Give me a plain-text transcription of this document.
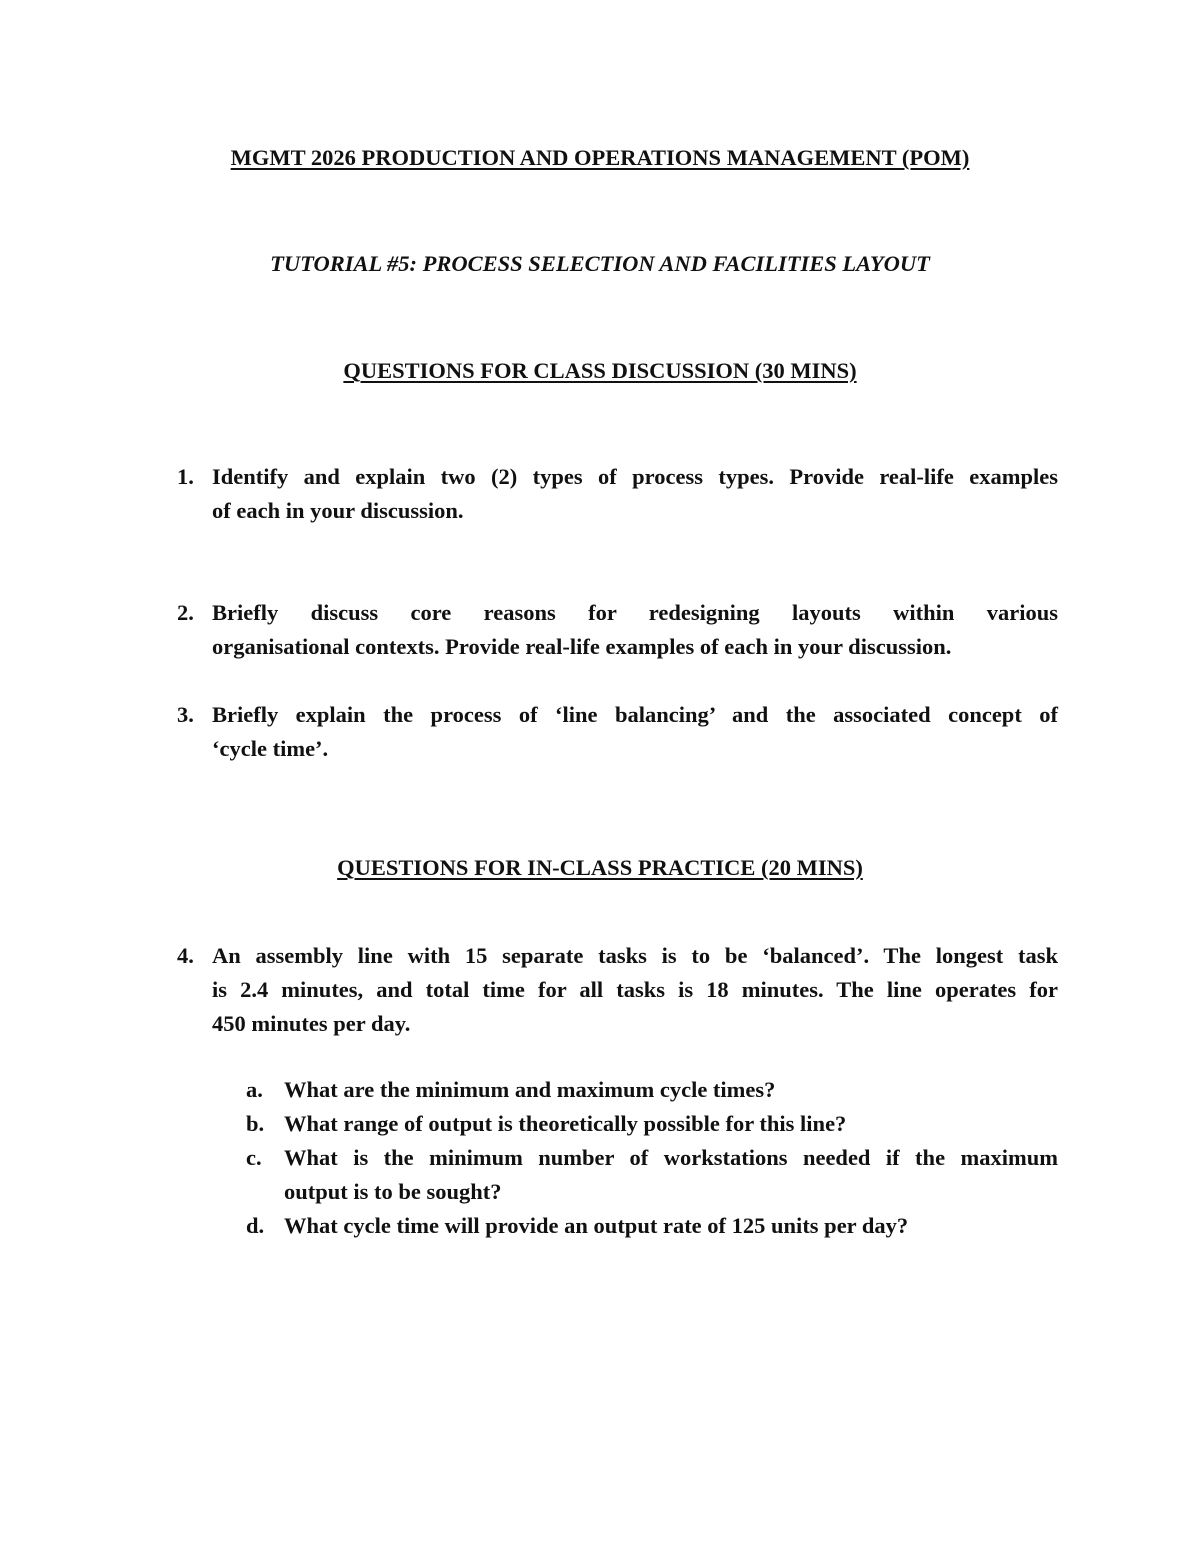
MGMT 2026 PRODUCTION AND OPERATIONS MANAGEMENT (POM)
TUTORIAL #5: PROCESS SELECTION AND FACILITIES LAYOUT
QUESTIONS FOR CLASS DISCUSSION (30 MINS)
1. Identify and explain two (2) types of process types. Provide real-life examples
of each in your discussion.
2. Briefly discuss core reasons for redesigning layouts within various
organisational contexts. Provide real-life examples of each in your discussion.
3. Briefly explain the process of ‘line balancing’ and the associated concept of
‘cycle time’.
QUESTIONS FOR IN-CLASS PRACTICE (20 MINS)
4. An assembly line with 15 separate tasks is to be ‘balanced’. The longest task
is 2.4 minutes, and total time for all tasks is 18 minutes. The line operates for
450 minutes per day.
a. What are the minimum and maximum cycle times?
b. What range of output is theoretically possible for this line?
c. What is the minimum number of workstations needed if the maximum
output is to be sought?
d. What cycle time will provide an output rate of 125 units per day?
